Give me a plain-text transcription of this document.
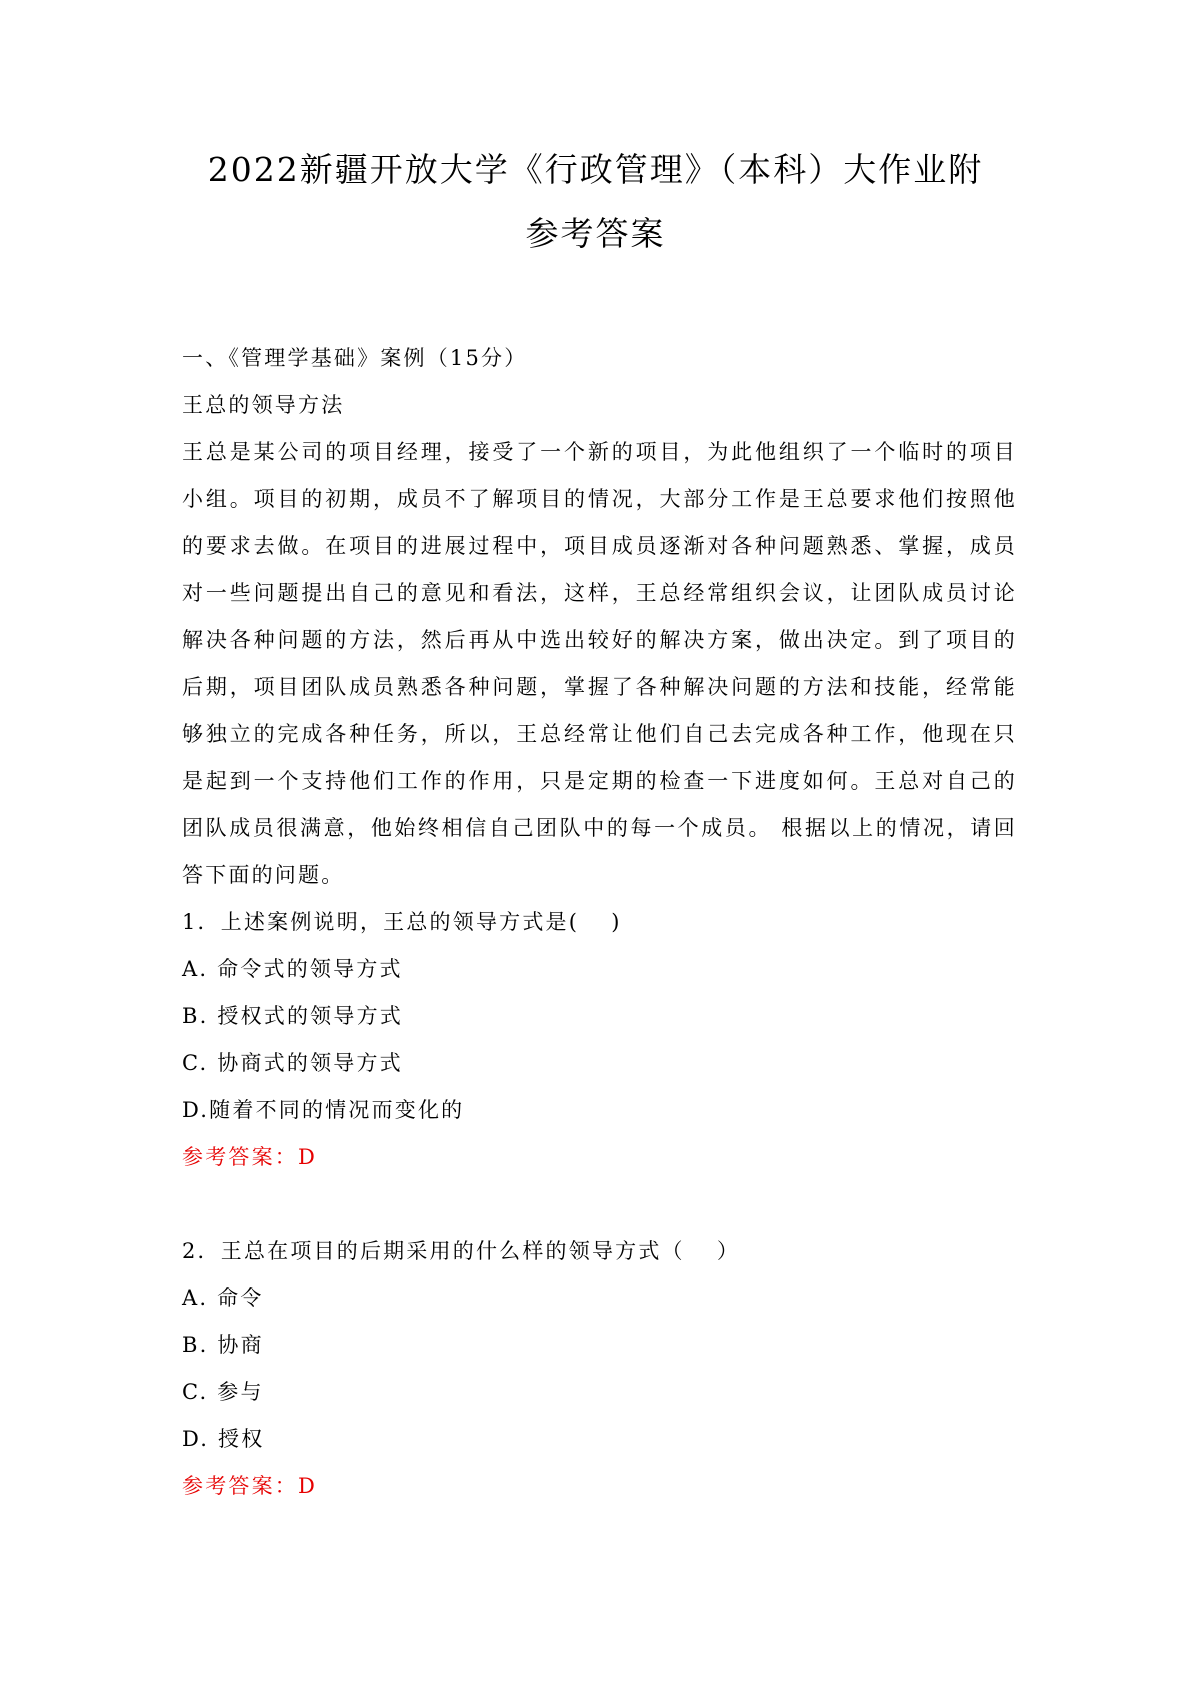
2022新疆开放大学《行政管理》（本科）大作业附
参考答案
一、《管理学基础》案例（15分）
王总的领导方法

王总是某公司的项目经理，接受了一个新的项目，为此他组织了一个临时的项目小组。项目的初期，成员不了解项目的情况，大部分工作是王总要求他们按照他的要求去做。在项目的进展过程中，项目成员逐渐对各种问题熟悉、掌握，成员对一些问题提出自己的意见和看法，这样，王总经常组织会议，让团队成员讨论解决各种问题的方法，然后再从中选出较好的解决方案，做出决定。到了项目的后期，项目团队成员熟悉各种问题，掌握了各种解决问题的方法和技能，经常能够独立的完成各种任务，所以，王总经常让他们自己去完成各种工作，他现在只是起到一个支持他们工作的作用，只是定期的检查一下进度如何。王总对自己的团队成员很满意，他始终相信自己团队中的每一个成员。 根据以上的情况，请回答下面的问题。

1．上述案例说明，王总的领导方式是(　 )
A. 命令式的领导方式
B. 授权式的领导方式
C. 协商式的领导方式
D.随着不同的情况而变化的
参考答案：D
2．王总在项目的后期采用的什么样的领导方式（　 ）
A. 命令
B. 协商
C. 参与
D. 授权
参考答案：D
